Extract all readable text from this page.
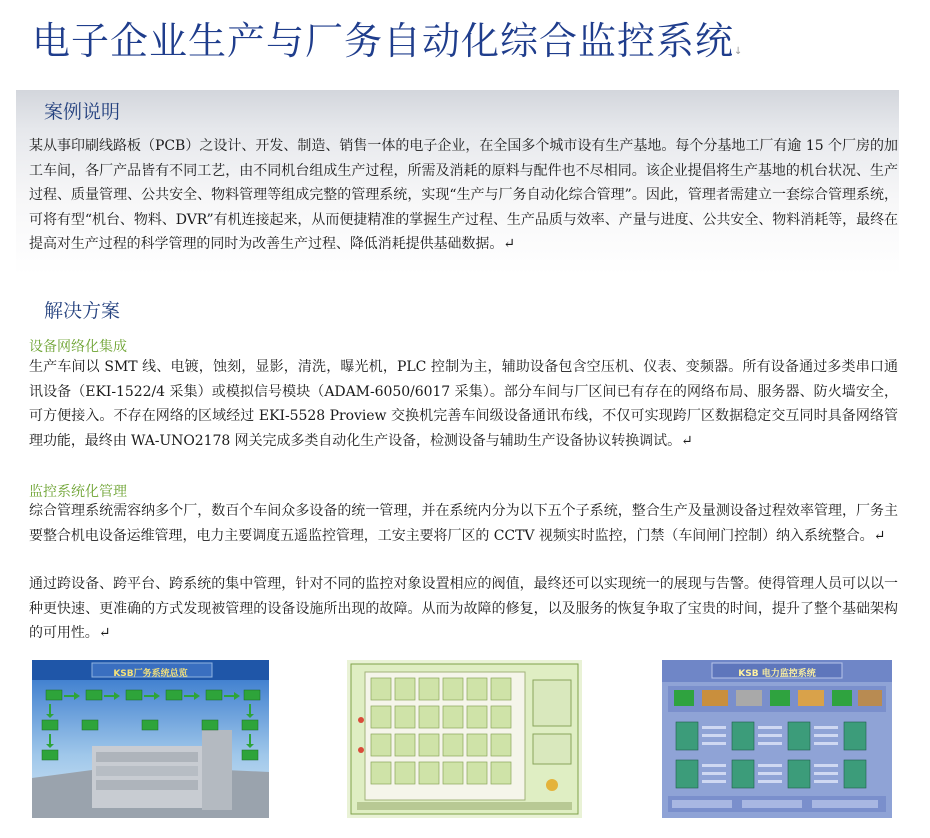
电子企业生产与厂务自动化综合监控系统↓
案例说明
某从事印刷线路板（PCB）之设计、开发、制造、销售一体的电子企业，在全国多个城市设有生产基地。每个分基地工厂有逾 15 个厂房的加工车间，各厂产品皆有不同工艺，由不同机台组成生产过程，所需及消耗的原料与配件也不尽相同。该企业提倡将生产基地的机台状况、生产过程、质量管理、公共安全、物料管理等组成完整的管理系统，实现“生产与厂务自动化综合管理”。因此，管理者需建立一套综合管理系统，可将有型“机台、物料、DVR”有机连接起来，从而便捷精准的掌握生产过程、生产品质与效率、产量与进度、公共安全、物料消耗等，最终在提高对生产过程的科学管理的同时为改善生产过程、降低消耗提供基础数据。↵
解决方案
设备网络化集成
生产车间以 SMT 线、电镀，蚀刻，显影，清洗，曝光机，PLC 控制为主，辅助设备包含空压机、仪表、变频器。所有设备通过多类串口通讯设备（EKI-1522/4 采集）或模拟信号模块（ADAM-6050/6017 采集）。部分车间与厂区间已有存在的网络布局、服务器、防火墙安全，可方便接入。不存在网络的区域经过 EKI-5528 Proview 交换机完善车间级设备通讯布线，不仅可实现跨厂区数据稳定交互同时具备网络管理功能，最终由 WA-UNO2178 网关完成多类自动化生产设备，检测设备与辅助生产设备协议转换调试。↵
监控系统化管理
综合管理系统需容纳多个厂，数百个车间众多设备的统一管理，并在系统内分为以下五个子系统，整合生产及量测设备过程效率管理，厂务主要整合机电设备运维管理，电力主要调度五遥监控管理，工安主要将厂区的 CCTV 视频实时监控，门禁（车间闸门控制）纳入系统整合。↵
通过跨设备、跨平台、跨系统的集中管理，针对不同的监控对象设置相应的阀值，最终还可以实现统一的展现与告警。使得管理人员可以以一种更快速、更准确的方式发现被管理的设备设施所出现的故障。从而为故障的修复，以及服务的恢复争取了宝贵的时间，提升了整个基础架构的可用性。↵
KSB厂务系统总览	KSB 电力监控系统
